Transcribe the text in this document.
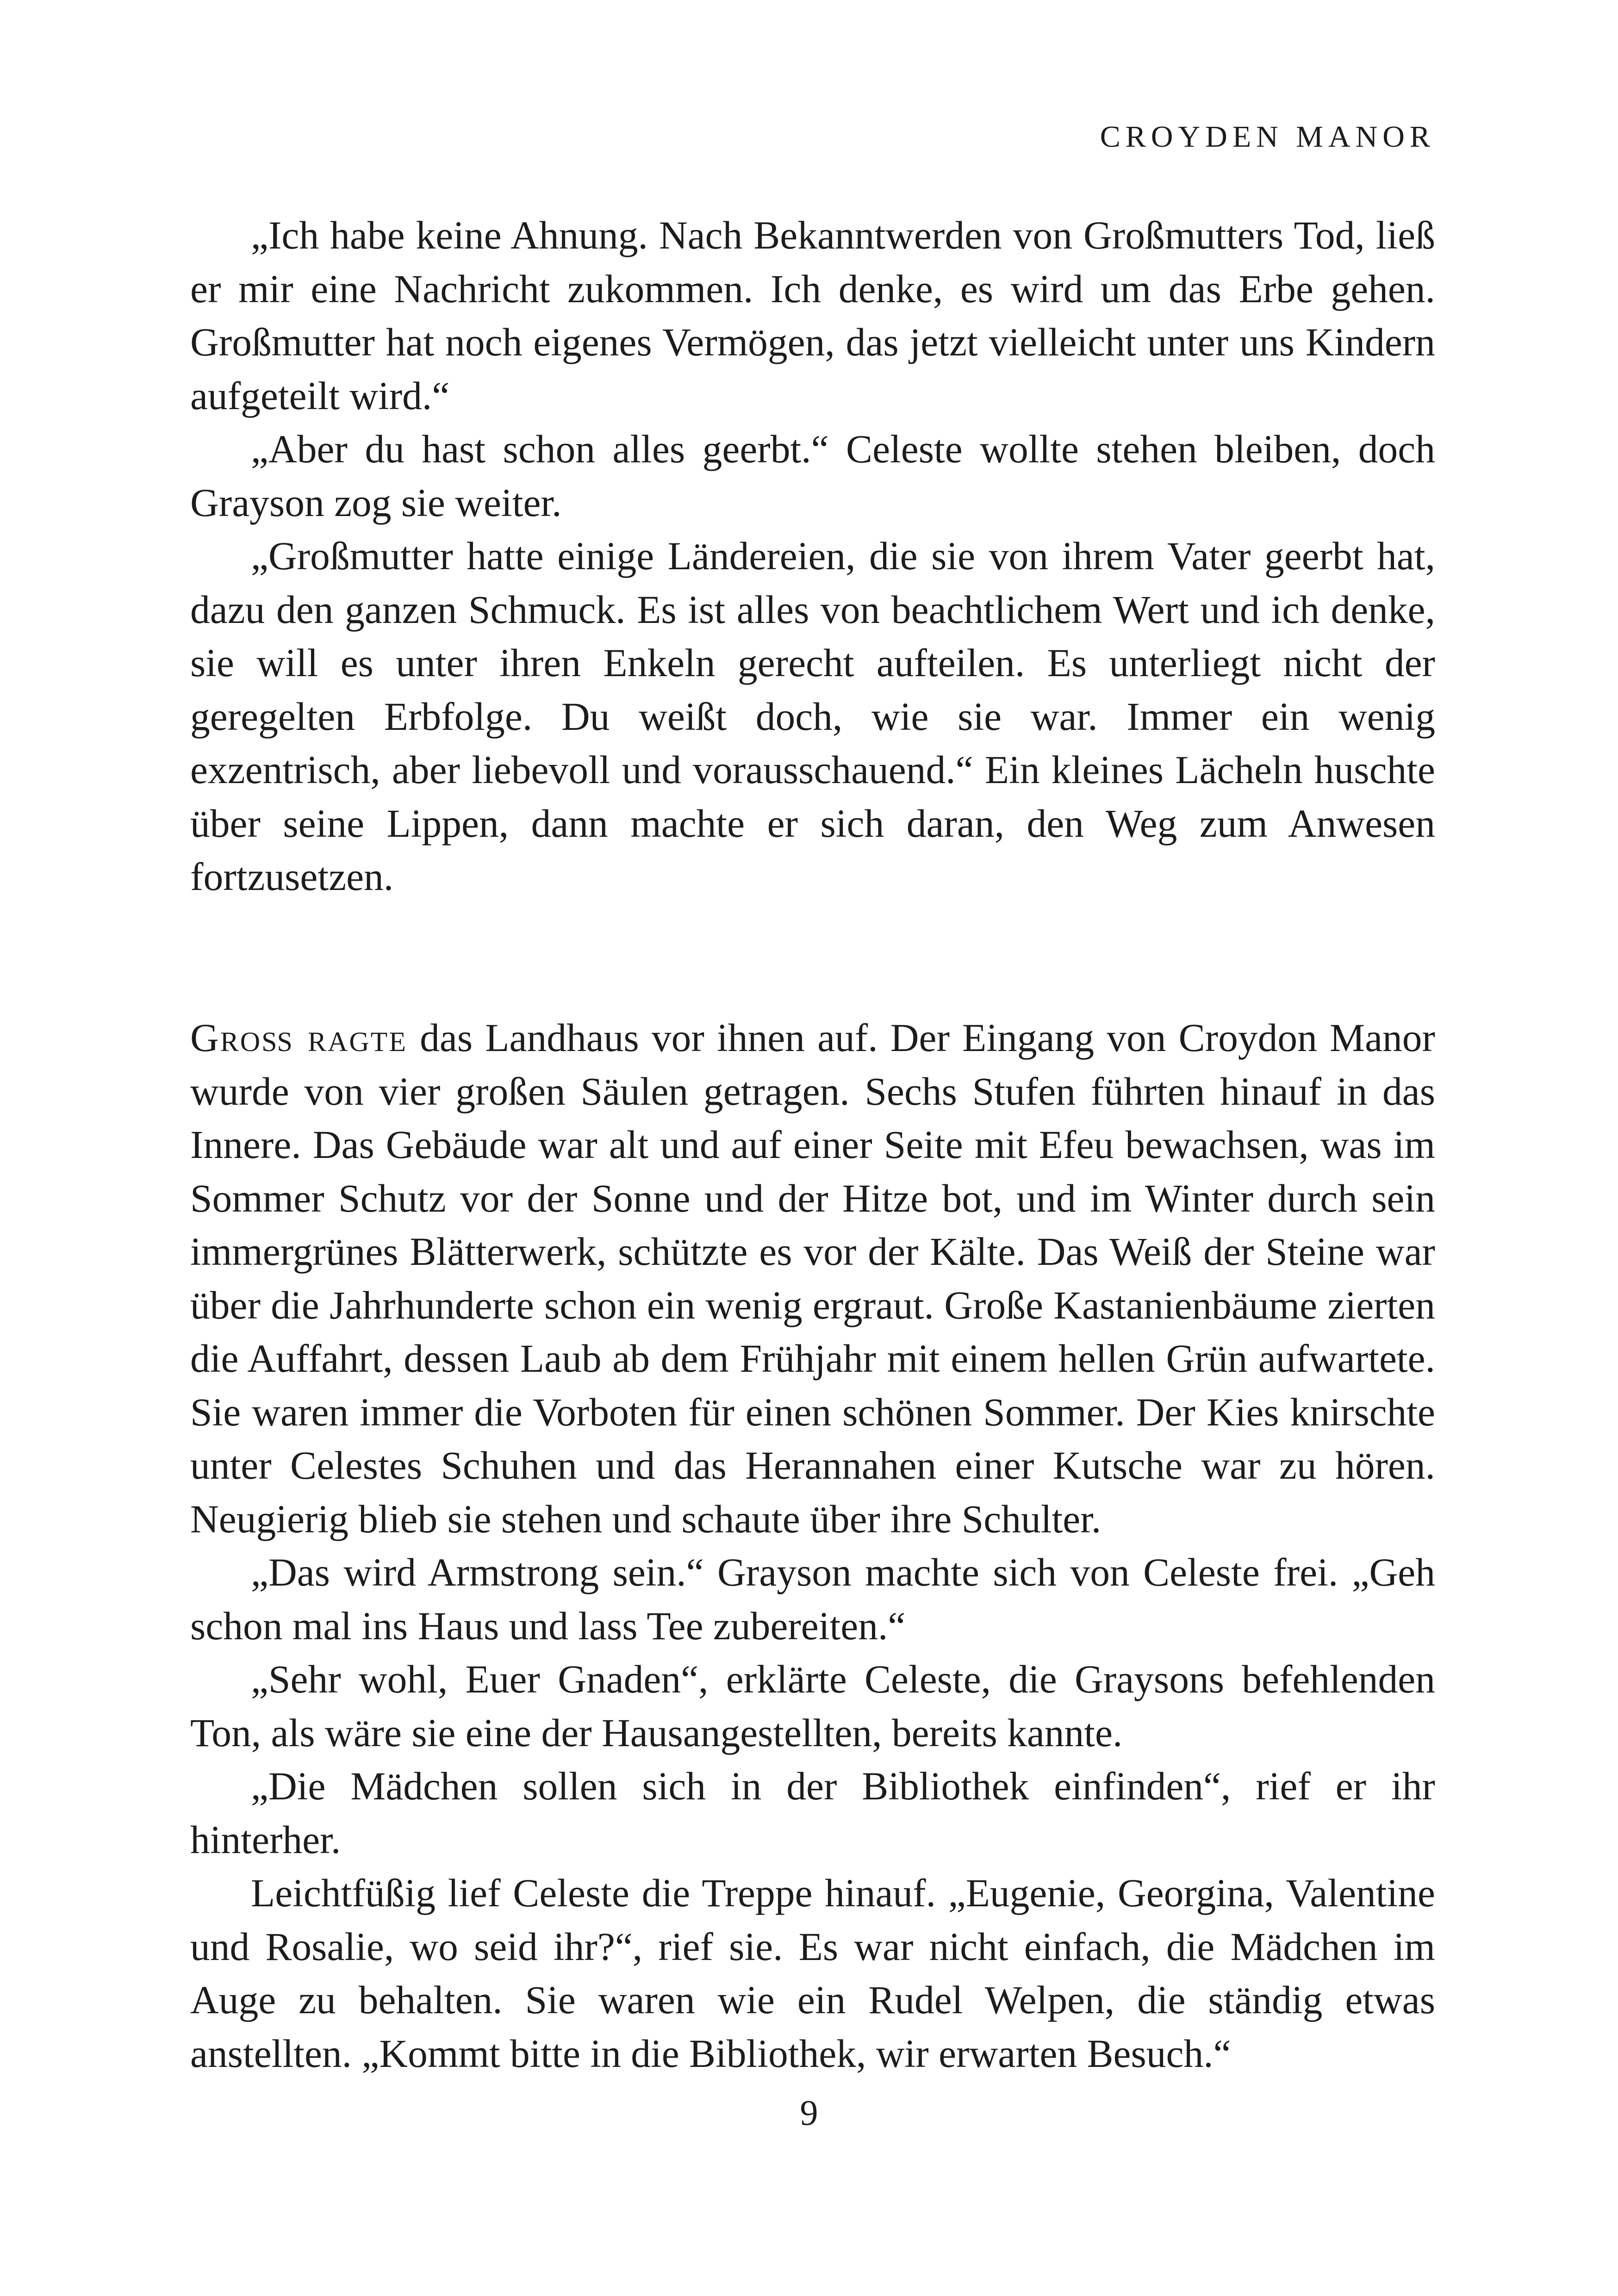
CROYDEN MANOR

„Ich habe keine Ahnung. Nach Bekanntwerden von Großmutters Tod, ließ er mir eine Nachricht zukommen. Ich denke, es wird um das Erbe gehen. Großmutter hat noch eigenes Vermögen, das jetzt vielleicht unter uns Kindern aufgeteilt wird.“

„Aber du hast schon alles geerbt.“ Celeste wollte stehen bleiben, doch Grayson zog sie weiter.

„Großmutter hatte einige Ländereien, die sie von ihrem Vater geerbt hat, dazu den ganzen Schmuck. Es ist alles von beachtlichem Wert und ich denke, sie will es unter ihren Enkeln gerecht aufteilen. Es unterliegt nicht der geregelten Erbfolge. Du weißt doch, wie sie war. Immer ein wenig exzentrisch, aber liebevoll und vorausschauend.“ Ein kleines Lächeln huschte über seine Lippen, dann machte er sich daran, den Weg zum Anwesen fortzusetzen.

Groß ragte das Landhaus vor ihnen auf. Der Eingang von Croydon Manor wurde von vier großen Säulen getragen. Sechs Stufen führten hinauf in das Innere. Das Gebäude war alt und auf einer Seite mit Efeu bewachsen, was im Sommer Schutz vor der Sonne und der Hitze bot, und im Winter durch sein immergrünes Blätterwerk, schützte es vor der Kälte. Das Weiß der Steine war über die Jahrhunderte schon ein wenig ergraut. Große Kastanienbäume zierten die Auffahrt, dessen Laub ab dem Frühjahr mit einem hellen Grün aufwartete. Sie waren immer die Vorboten für einen schönen Sommer. Der Kies knirschte unter Celestes Schuhen und das Herannahen einer Kutsche war zu hören. Neugierig blieb sie stehen und schaute über ihre Schulter.

„Das wird Armstrong sein.“ Grayson machte sich von Celeste frei. „Geh schon mal ins Haus und lass Tee zubereiten.“

„Sehr wohl, Euer Gnaden“, erklärte Celeste, die Graysons befehlenden Ton, als wäre sie eine der Hausangestellten, bereits kannte.

„Die Mädchen sollen sich in der Bibliothek einfinden“, rief er ihr hinterher.

Leichtfüßig lief Celeste die Treppe hinauf. „Eugenie, Georgina, Valentine und Rosalie, wo seid ihr?“, rief sie. Es war nicht einfach, die Mädchen im Auge zu behalten. Sie waren wie ein Rudel Welpen, die ständig etwas anstellten. „Kommt bitte in die Bibliothek, wir erwarten Besuch.“

9
